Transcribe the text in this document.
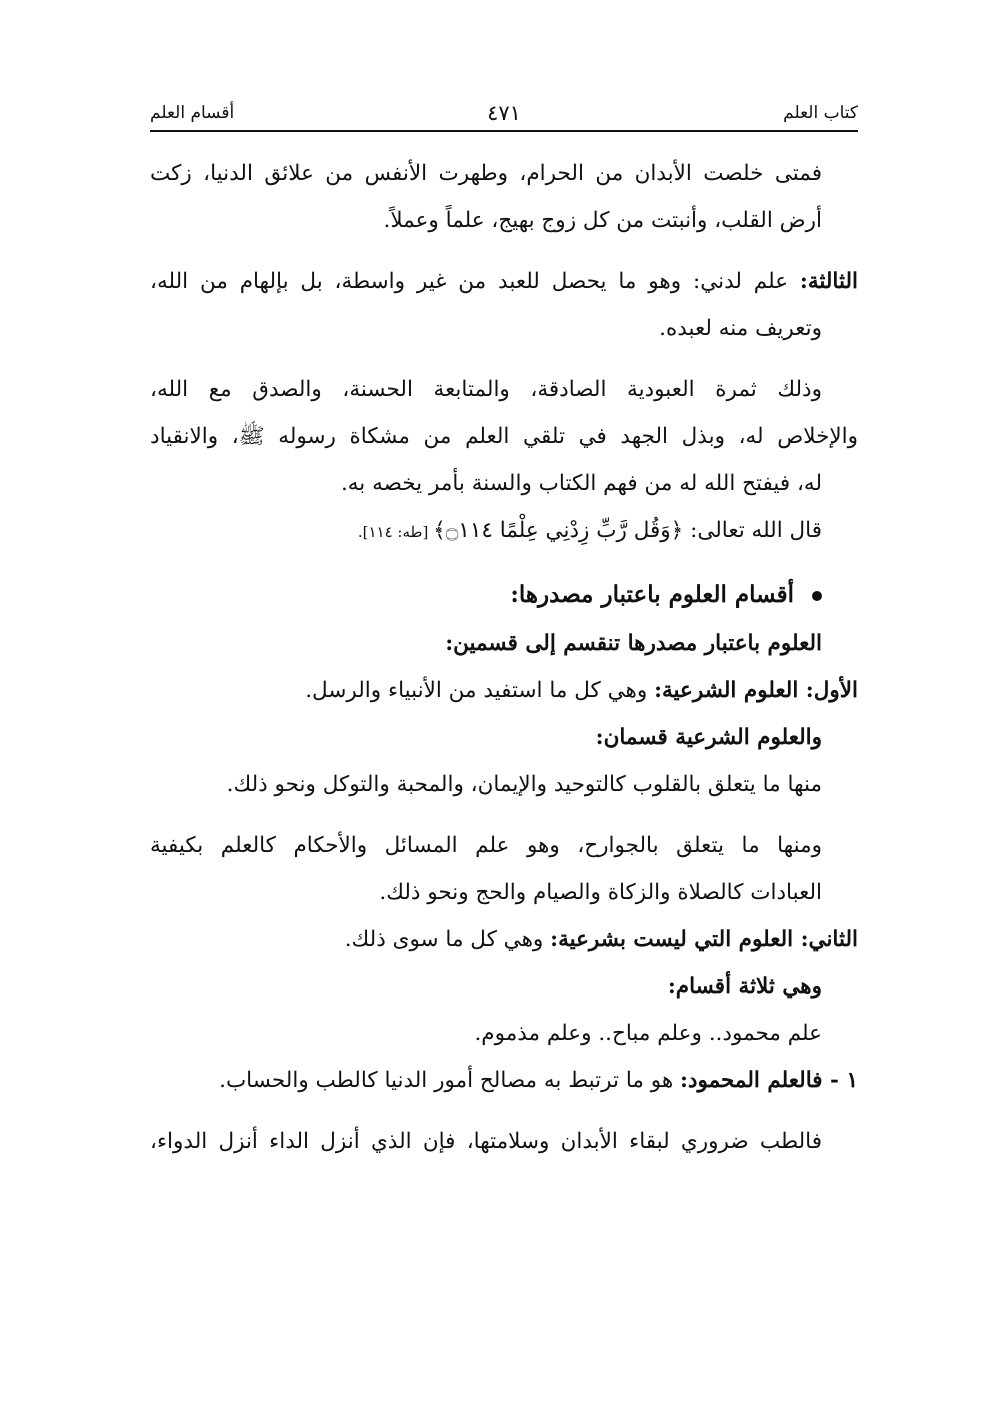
كتاب العلم
٤٧١
أقسام العلم
فمتى خلصت الأبدان من الحرام، وطهرت الأنفس من علائق الدنيا، زكت
أرض القلب، وأنبتت من كل زوج بهيج، علماً وعملاً.
الثالثة: علم لدني: وهو ما يحصل للعبد من غير واسطة، بل بإلهام من الله،
وتعريف منه لعبده.
وذلك ثمرة العبودية الصادقة، والمتابعة الحسنة، والصدق مع الله،
والإخلاص له، وبذل الجهد في تلقي العلم من مشكاة رسوله ﷺ، والانقياد
له، فيفتح الله له من فهم الكتاب والسنة بأمر يخصه به.
قال الله تعالى: ﴿وَقُل رَّبِّ زِدْنِي عِلْمًا ۝١١٤﴾ [طه: ١١٤].
أقسام العلوم باعتبار مصدرها:
العلوم باعتبار مصدرها تنقسم إلى قسمين:
الأول: العلوم الشرعية: وهي كل ما استفيد من الأنبياء والرسل.
والعلوم الشرعية قسمان:
منها ما يتعلق بالقلوب كالتوحيد والإيمان، والمحبة والتوكل ونحو ذلك.
ومنها ما يتعلق بالجوارح، وهو علم المسائل والأحكام كالعلم بكيفية
العبادات كالصلاة والزكاة والصيام والحج ونحو ذلك.
الثاني: العلوم التي ليست بشرعية: وهي كل ما سوى ذلك.
وهي ثلاثة أقسام:
علم محمود.. وعلم مباح.. وعلم مذموم.
١ - فالعلم المحمود: هو ما ترتبط به مصالح أمور الدنيا كالطب والحساب.
فالطب ضروري لبقاء الأبدان وسلامتها، فإن الذي أنزل الداء أنزل الدواء،
